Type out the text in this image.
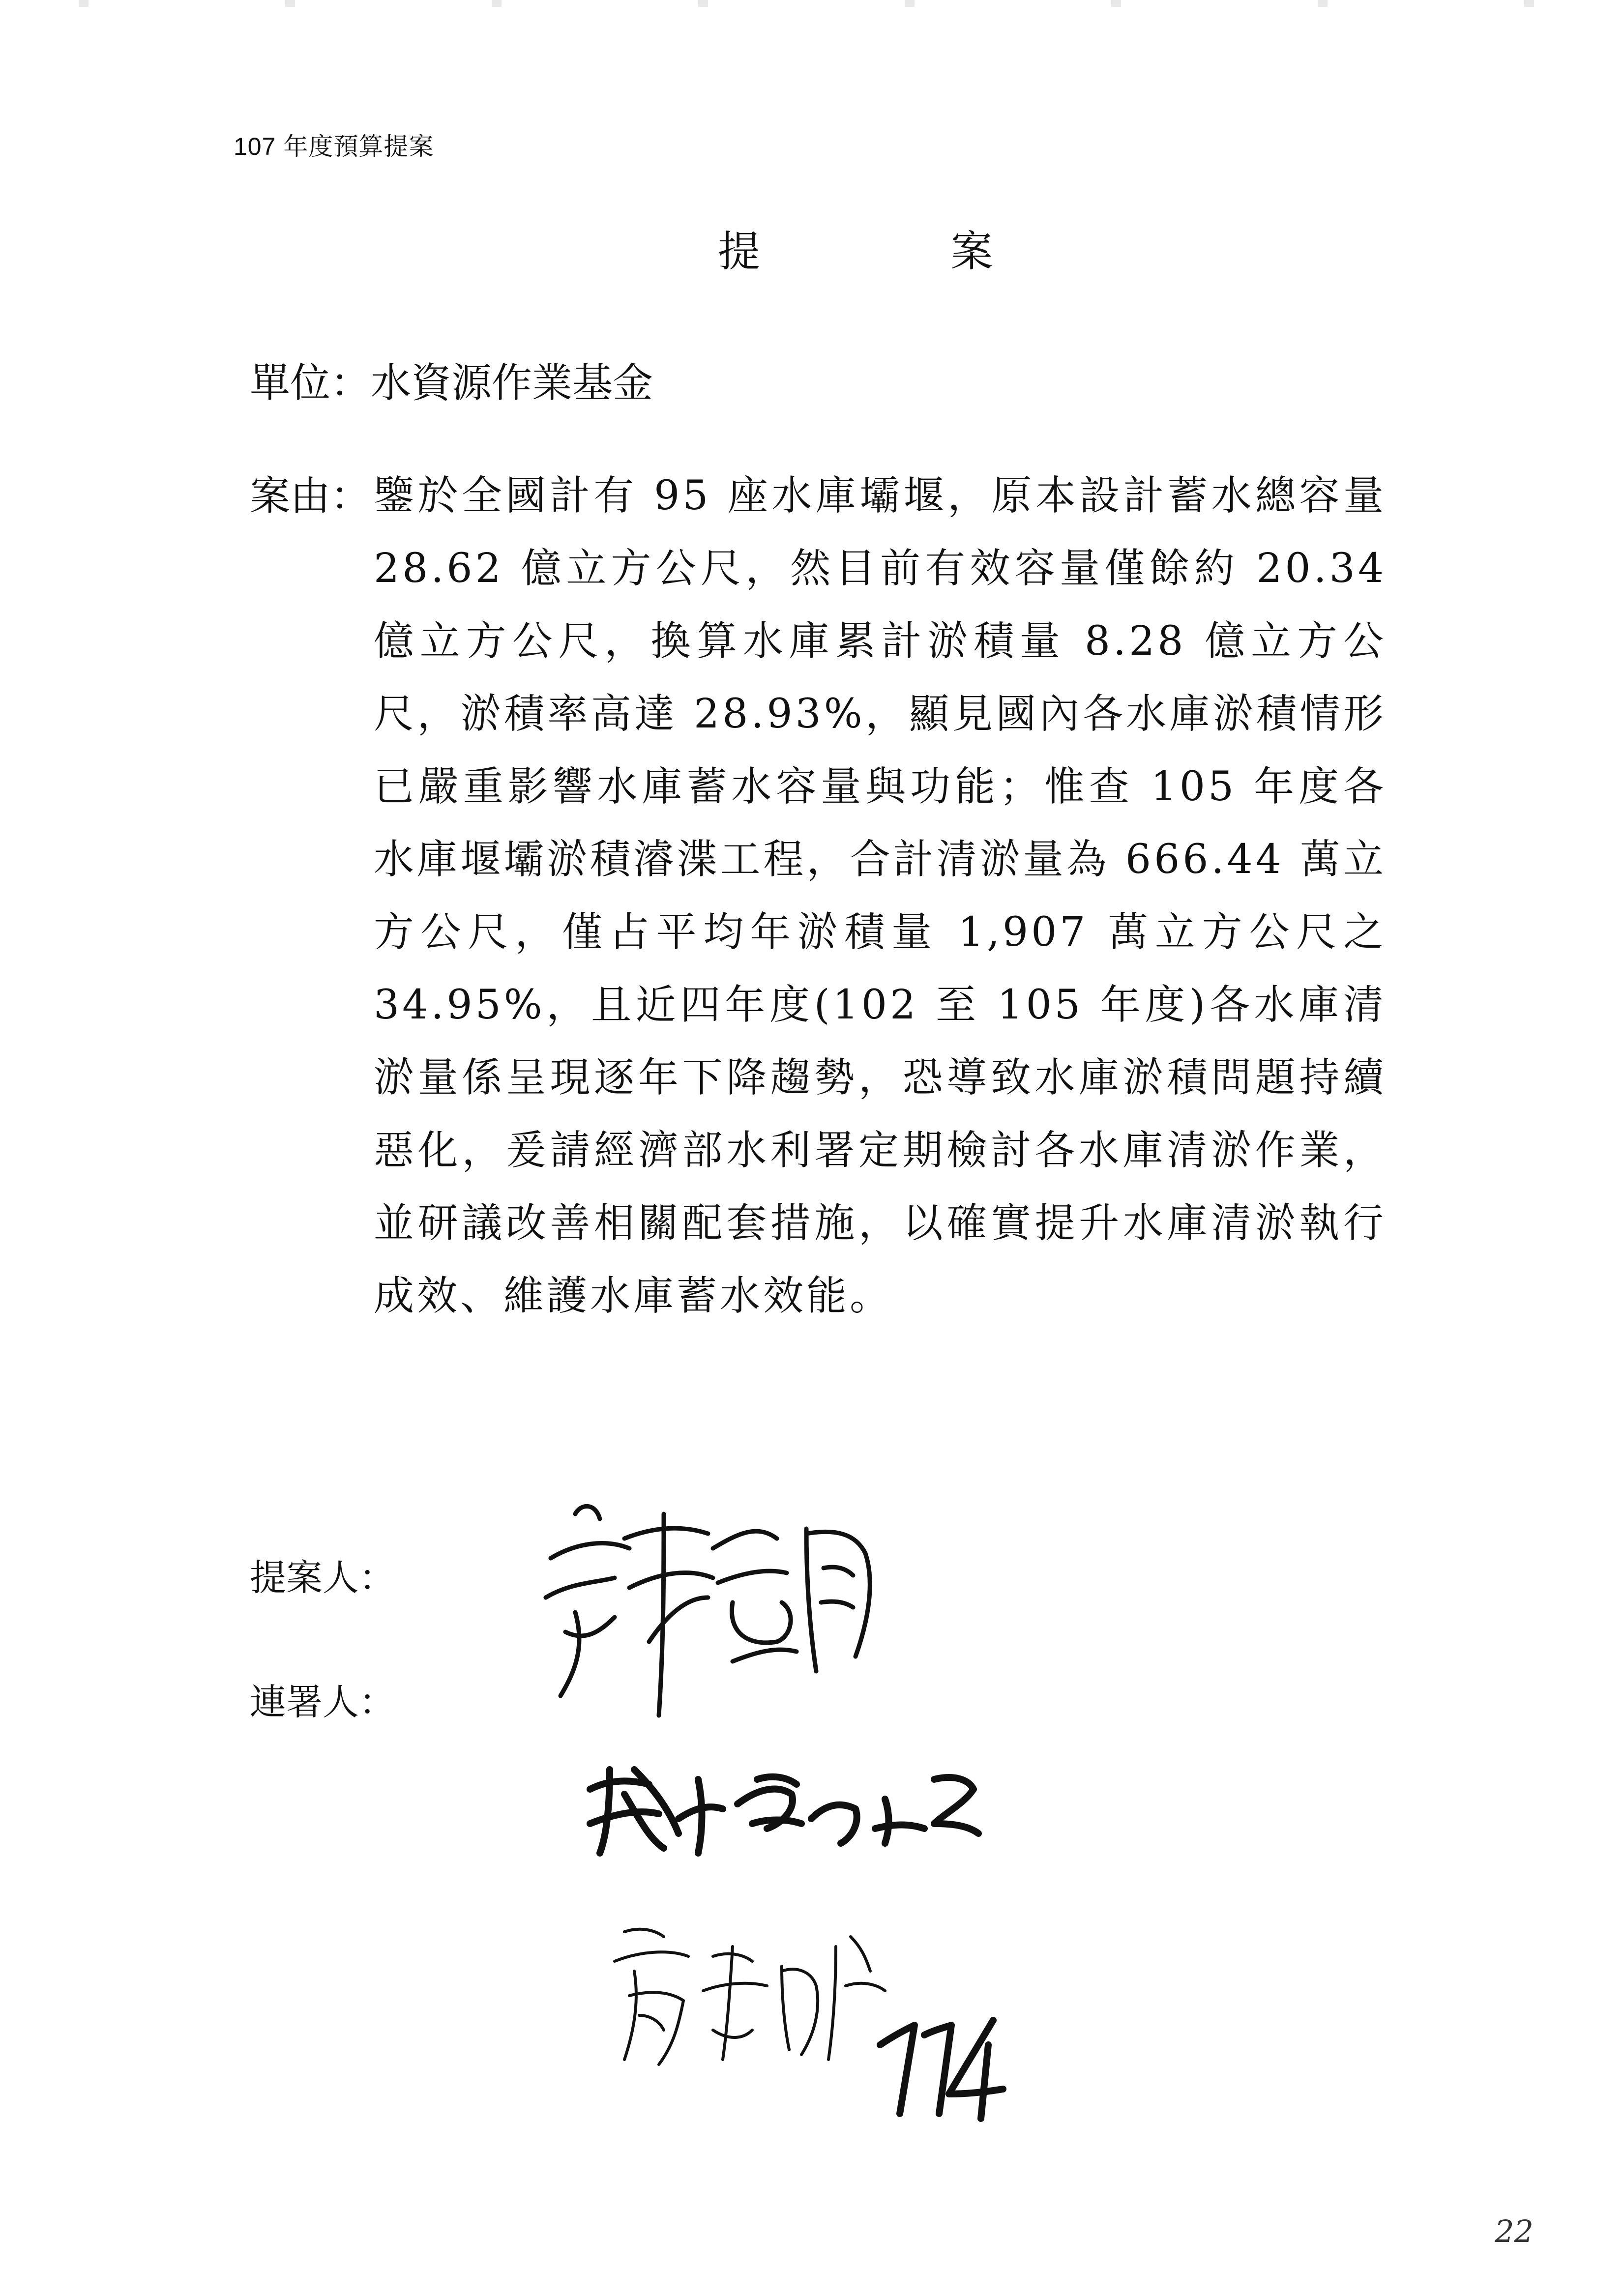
107 年度預算提案
提 案
單位：水資源作業基金
案由： 鑒於全國計有 95 座水庫壩堰，原本設計蓄水總容量 28.62 億立方公尺，然目前有效容量僅餘約 20.34 億立方公尺，換算水庫累計淤積量 8.28 億立方公尺，淤積率高達 28.93%，顯見國內各水庫淤積情形已嚴重影響水庫蓄水容量與功能；惟查 105 年度各水庫堰壩淤積濬渫工程，合計清淤量為 666.44 萬立方公尺，僅占平均年淤積量 1,907 萬立方公尺之 34.95%，且近四年度(102 至 105 年度)各水庫清淤量係呈現逐年下降趨勢，恐導致水庫淤積問題持續惡化，爰請經濟部水利署定期檢討各水庫清淤作業，並研議改善相關配套措施，以確實提升水庫清淤執行成效、維護水庫蓄水效能。
提案人：
連署人：
22
